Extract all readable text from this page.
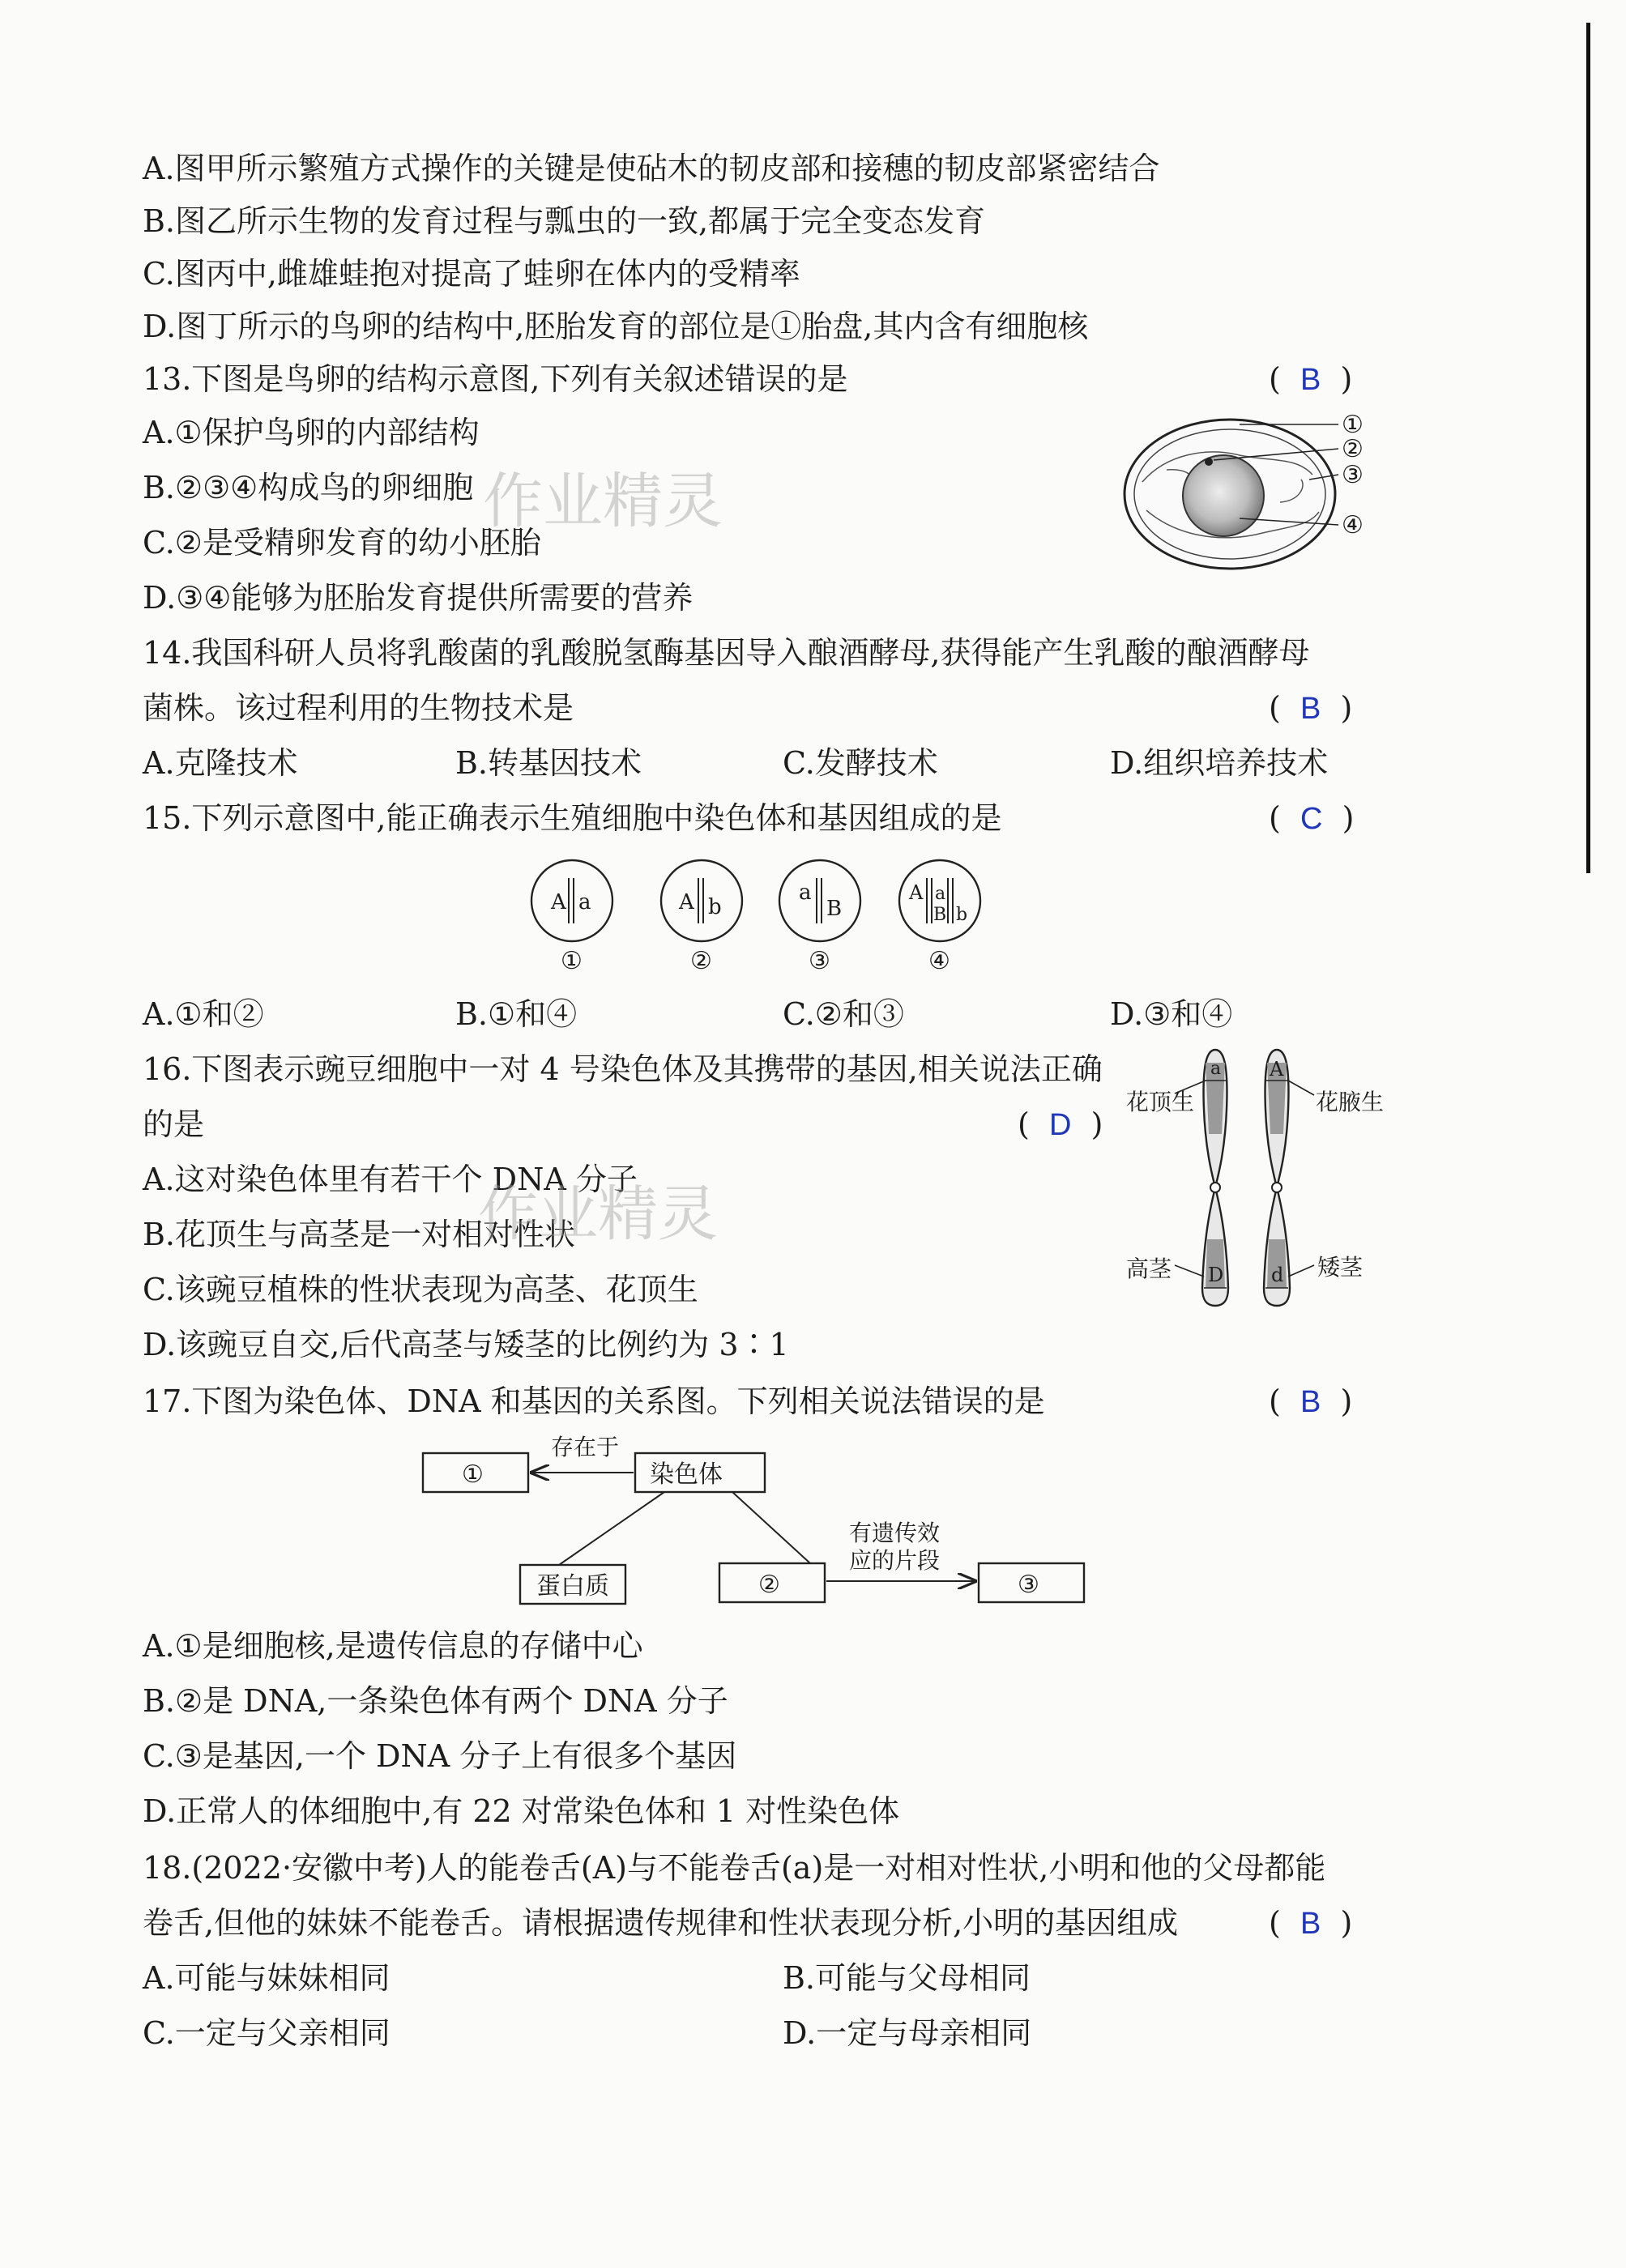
A.图甲所示繁殖方式操作的关键是使砧木的韧皮部和接穗的韧皮部紧密结合
B.图乙所示生物的发育过程与瓢虫的一致,都属于完全变态发育
C.图丙中,雌雄蛙抱对提高了蛙卵在体内的受精率
D.图丁所示的鸟卵的结构中,胚胎发育的部位是①胎盘,其内含有细胞核
13.下图是鸟卵的结构示意图,下列有关叙述错误的是	(  B  )
A.①保护鸟卵的内部结构
B.②③④构成鸟的卵细胞
C.②是受精卵发育的幼小胚胎
D.③④能够为胚胎发育提供所需要的营养
①
②
③
④
作业精灵
14.我国科研人员将乳酸菌的乳酸脱氢酶基因导入酿酒酵母,获得能产生乳酸的酿酒酵母
菌株。该过程利用的生物技术是	(  B  )
A.克隆技术	B.转基因技术	C.发酵技术	D.组织培养技术
15.下列示意图中,能正确表示生殖细胞中染色体和基因组成的是	(  C  )
A a
①
A b
②
a
B
③
A a
B b
④
A.①和②	B.①和④	C.②和③	D.③和④
16.下图表示豌豆细胞中一对 4 号染色体及其携带的基因,相关说法正确
的是	(  D  )
A.这对染色体里有若干个 DNA 分子
B.花顶生与高茎是一对相对性状
C.该豌豆植株的性状表现为高茎、花顶生
D.该豌豆自交,后代高茎与矮茎的比例约为 3∶1
作业精灵
a
D
A
d
花顶生	花腋生
高茎	矮茎
17.下图为染色体、DNA 和基因的关系图。下列相关说法错误的是	(  B  )
①
存在于
染色体
蛋白质	②
有遗传效
应的片段
③
A.①是细胞核,是遗传信息的存储中心
B.②是 DNA,一条染色体有两个 DNA 分子
C.③是基因,一个 DNA 分子上有很多个基因
D.正常人的体细胞中,有 22 对常染色体和 1 对性染色体
18.(2022·安徽中考)人的能卷舌(A)与不能卷舌(a)是一对相对性状,小明和他的父母都能
卷舌,但他的妹妹不能卷舌。请根据遗传规律和性状表现分析,小明的基因组成	(  B  )
A.可能与妹妹相同	B.可能与父母相同
C.一定与父亲相同	D.一定与母亲相同
